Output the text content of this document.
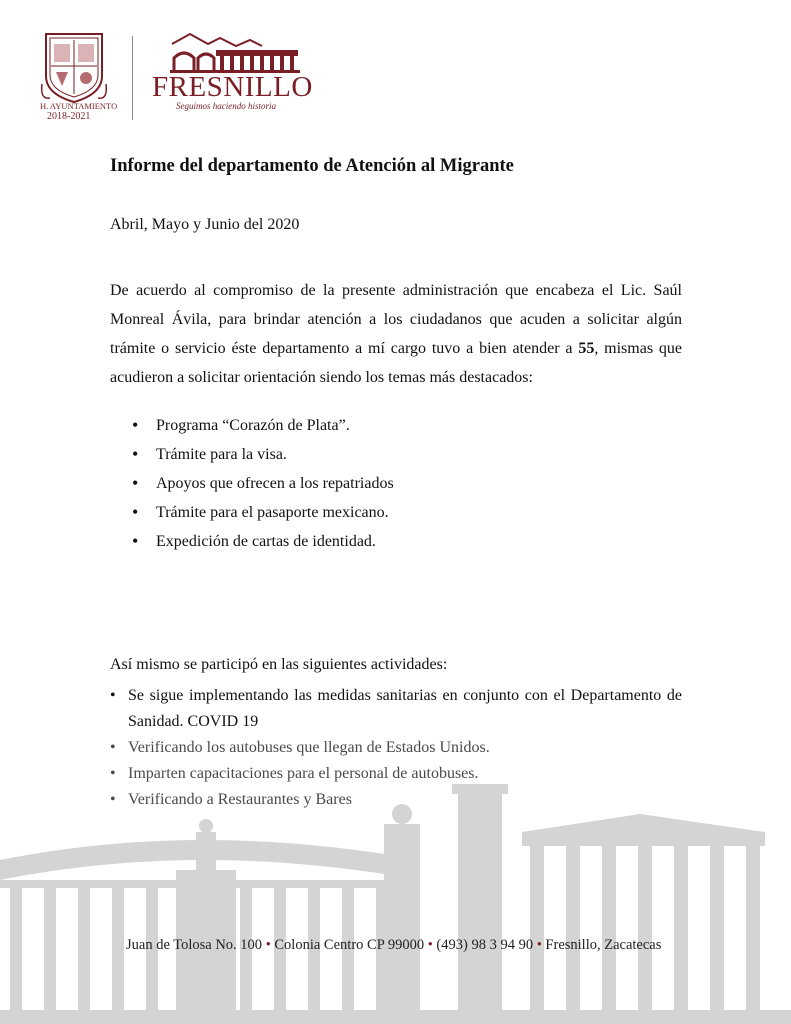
H. AYUNTAMIENTO
2018-2021
FRESNILLO
Seguimos haciendo historia
Informe del departamento de Atención al Migrante
Abril, Mayo y Junio del 2020

De acuerdo al compromiso de la presente administración que encabeza el Lic. Saúl Monreal Ávila, para brindar atención a los ciudadanos que acuden a solicitar algún trámite o servicio éste departamento a mí cargo tuvo a bien atender a 55, mismas que acudieron a solicitar orientación siendo los temas más destacados:

• Programa “Corazón de Plata”.
• Trámite para la visa.
• Apoyos que ofrecen a los repatriados
• Trámite para el pasaporte mexicano.
• Expedición de cartas de identidad.
Así mismo se participó en las siguientes actividades:
• Se sigue implementando las medidas sanitarias en conjunto con el Departamento de Sanidad. COVID 19
• Verificando los autobuses que llegan de Estados Unidos.
• Imparten capacitaciones para el personal de autobuses.
• Verificando a Restaurantes y Bares
Juan de Tolosa No. 100 • Colonia Centro CP 99000 • (493) 98 3 94 90 • Fresnillo, Zacatecas
